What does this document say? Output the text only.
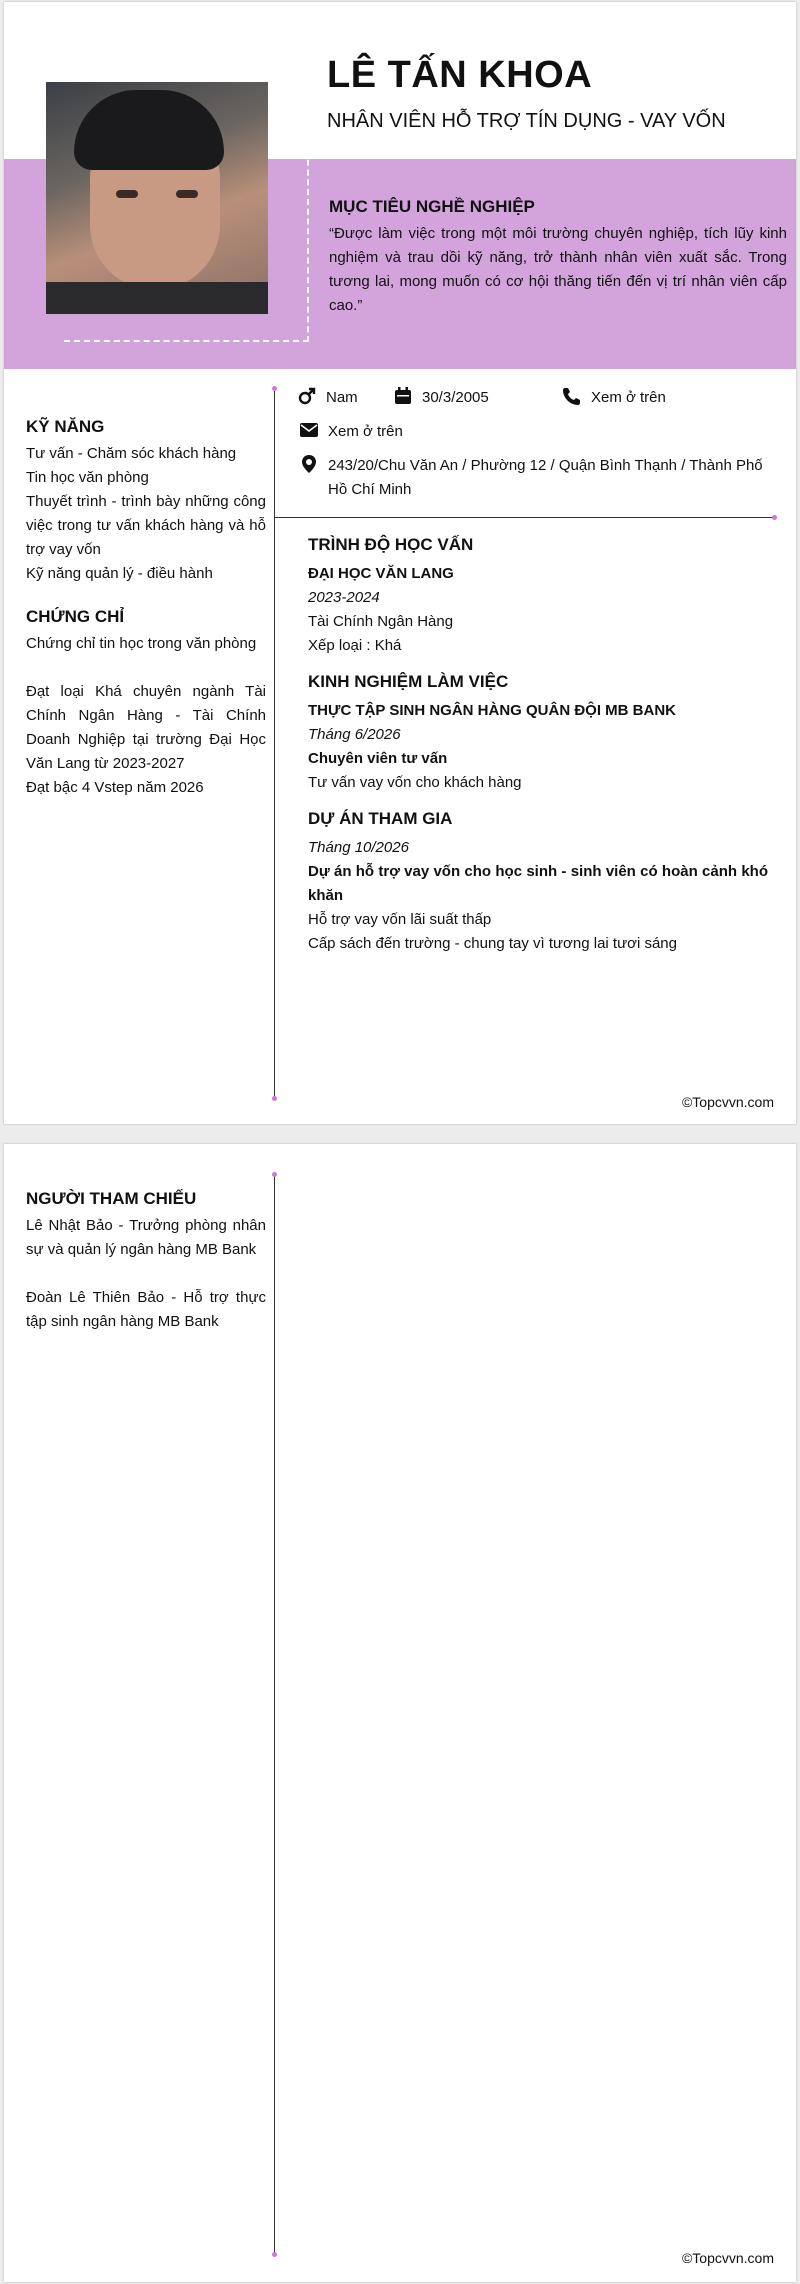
LÊ TẤN KHOA
NHÂN VIÊN HỖ TRỢ TÍN DỤNG - VAY VỐN
MỤC TIÊU NGHỀ NGHIỆP
“Được làm việc trong một môi trường chuyên nghiệp, tích lũy kinh nghiệm và trau dồi kỹ năng, trở thành nhân viên xuất sắc. Trong tương lai, mong muốn có cơ hội thăng tiến đến vị trí nhân viên cấp cao.”
Nam	30/3/2005	Xem ở trên
Xem ở trên
243/20/Chu Văn An / Phường 12 / Quận Bình Thạnh / Thành Phố Hồ Chí Minh
KỸ NĂNG
Tư vấn - Chăm sóc khách hàng
Tin học văn phòng
Thuyết trình - trình bày những công việc trong tư vấn khách hàng và hỗ trợ vay vốn
Kỹ năng quản lý - điều hành
CHỨNG CHỈ
Chứng chỉ tin học trong văn phòng
Đạt loại Khá chuyên ngành Tài Chính Ngân Hàng - Tài Chính Doanh Nghiệp tại trường Đại Học Văn Lang từ 2023-2027
Đạt bậc 4 Vstep năm 2026
TRÌNH ĐỘ HỌC VẤN
ĐẠI HỌC VĂN LANG
2023-2024
Tài Chính Ngân Hàng
Xếp loại : Khá
KINH NGHIỆM LÀM VIỆC
THỰC TẬP SINH NGÂN HÀNG QUÂN ĐỘI MB BANK
Tháng 6/2026
Chuyên viên tư vấn
Tư vấn vay vốn cho khách hàng
DỰ ÁN THAM GIA
Tháng 10/2026
Dự án hỗ trợ vay vốn cho học sinh - sinh viên có hoàn cảnh khó khăn
Hỗ trợ vay vốn lãi suất thấp
Cấp sách đến trường - chung tay vì tương lai tươi sáng
©Topcvvn.com
NGƯỜI THAM CHIẾU
Lê Nhật Bảo - Trưởng phòng nhân sự và quản lý ngân hàng MB Bank
Đoàn Lê Thiên Bảo - Hỗ trợ thực tập sinh ngân hàng MB Bank
©Topcvvn.com
